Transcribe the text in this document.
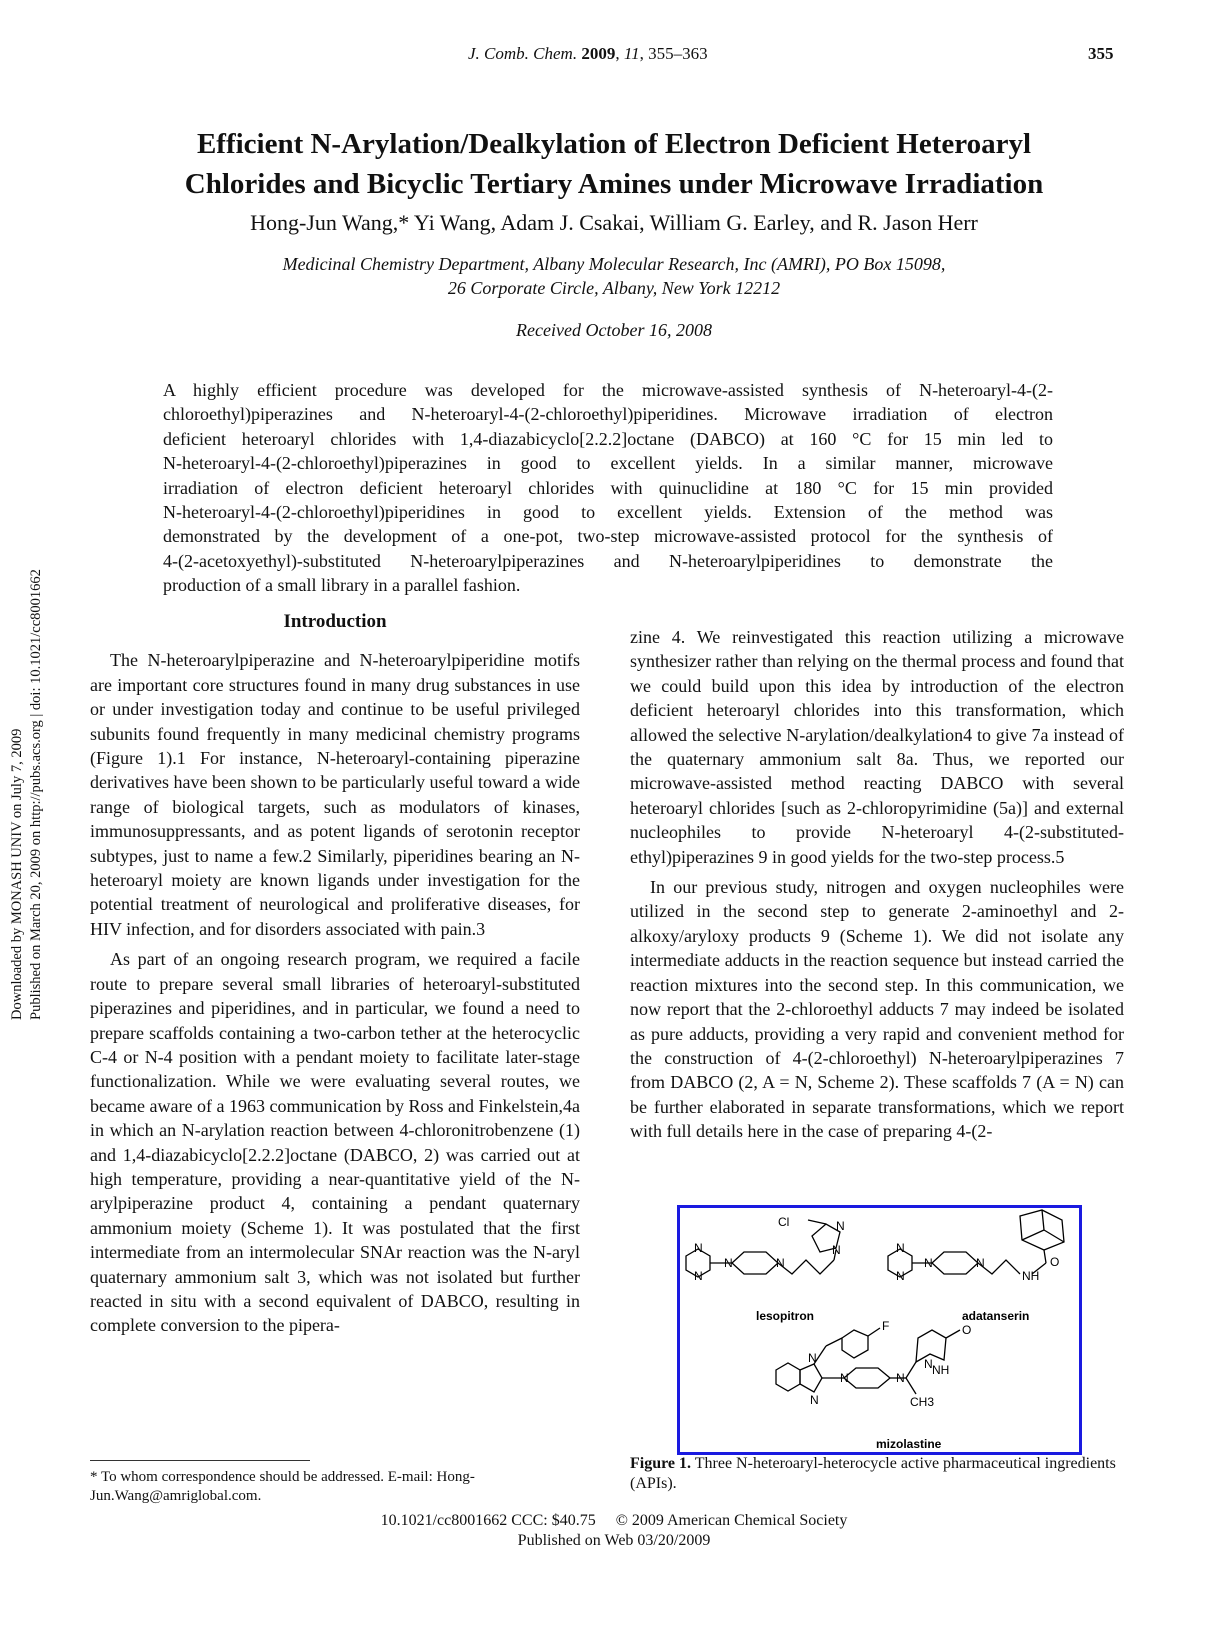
J. Comb. Chem. 2009, 11, 355–363	355
Efficient N-Arylation/Dealkylation of Electron Deficient Heteroaryl
Chlorides and Bicyclic Tertiary Amines under Microwave Irradiation
Hong-Jun Wang,* Yi Wang, Adam J. Csakai, William G. Earley, and R. Jason Herr
Medicinal Chemistry Department, Albany Molecular Research, Inc (AMRI), PO Box 15098,
26 Corporate Circle, Albany, New York 12212
Received October 16, 2008
A highly efficient procedure was developed for the microwave-assisted synthesis of N-heteroaryl-4-(2-
chloroethyl)piperazines and N-heteroaryl-4-(2-chloroethyl)piperidines. Microwave irradiation of electron
deficient heteroaryl chlorides with 1,4-diazabicyclo[2.2.2]octane (DABCO) at 160 °C for 15 min led to
N-heteroaryl-4-(2-chloroethyl)piperazines in good to excellent yields. In a similar manner, microwave
irradiation of electron deficient heteroaryl chlorides with quinuclidine at 180 °C for 15 min provided
N-heteroaryl-4-(2-chloroethyl)piperidines in good to excellent yields. Extension of the method was
demonstrated by the development of a one-pot, two-step microwave-assisted protocol for the synthesis of
4-(2-acetoxyethyl)-substituted N-heteroarylpiperazines and N-heteroarylpiperidines to demonstrate the
production of a small library in a parallel fashion.

Introduction

The N-heteroarylpiperazine and N-heteroarylpiperidine motifs are important core structures found in many drug substances in use or under investigation today and continue to be useful privileged subunits found frequently in many medicinal chemistry programs (Figure 1).1 For instance, N-heteroaryl-containing piperazine derivatives have been shown to be particularly useful toward a wide range of biological targets, such as modulators of kinases, immunosuppressants, and as potent ligands of serotonin receptor subtypes, just to name a few.2 Similarly, piperidines bearing an N-heteroaryl moiety are known ligands under investigation for the potential treatment of neurological and proliferative diseases, for HIV infection, and for disorders associated with pain.3

As part of an ongoing research program, we required a facile route to prepare several small libraries of heteroaryl-substituted piperazines and piperidines, and in particular, we found a need to prepare scaffolds containing a two-carbon tether at the heterocyclic C-4 or N-4 position with a pendant moiety to facilitate later-stage functionalization. While we were evaluating several routes, we became aware of a 1963 communication by Ross and Finkelstein,4a in which an N-arylation reaction between 4-chloronitrobenzene (1) and 1,4-diazabicyclo[2.2.2]octane (DABCO, 2) was carried out at high temperature, providing a near-quantitative yield of the N-arylpiperazine product 4, containing a pendant quaternary ammonium moiety (Scheme 1). It was postulated that the first intermediate from an intermolecular SNAr reaction was the N-aryl quaternary ammonium salt 3, which was not isolated but further reacted in situ with a second equivalent of DABCO, resulting in complete conversion to the pipera-

zine 4. We reinvestigated this reaction utilizing a microwave synthesizer rather than relying on the thermal process and found that we could build upon this idea by introduction of the electron deficient heteroaryl chlorides into this transformation, which allowed the selective N-arylation/dealkylation4 to give 7a instead of the quaternary ammonium salt 8a. Thus, we reported our microwave-assisted method reacting DABCO with several heteroaryl chlorides [such as 2-chloropyrimidine (5a)] and external nucleophiles to provide N-heteroaryl 4-(2-substituted-ethyl)piperazines 9 in good yields for the two-step process.5

In our previous study, nitrogen and oxygen nucleophiles were utilized in the second step to generate 2-aminoethyl and 2-alkoxy/aryloxy products 9 (Scheme 1). We did not isolate any intermediate adducts in the reaction sequence but instead carried the reaction mixtures into the second step. In this communication, we now report that the 2-chloroethyl adducts 7 may indeed be isolated as pure adducts, providing a very rapid and convenient method for the construction of 4-(2-chloroethyl) N-heteroarylpiperazines 7 from DABCO (2, A = N, Scheme 2). These scaffolds 7 (A = N) can be further elaborated in separate transformations, which we report with full details here in the case of preparing 4-(2-

Cl	N
N
N
N
N	N
N
N
N	N
NH
O
F
N
N
N	N
CH3
N NH
O
lesopitron	adatanserin
mizolastine
Figure 1. Three N-heteroaryl-heterocycle active pharmaceutical ingredients (APIs).
* To whom correspondence should be addressed. E-mail: Hong-Jun.Wang@amriglobal.com.
10.1021/cc8001662 CCC: $40.75 © 2009 American Chemical Society
Published on Web 03/20/2009
Downloaded by MONASH UNIV on July 7, 2009 Published on March 20, 2009 on http://pubs.acs.org | doi: 10.1021/cc8001662
